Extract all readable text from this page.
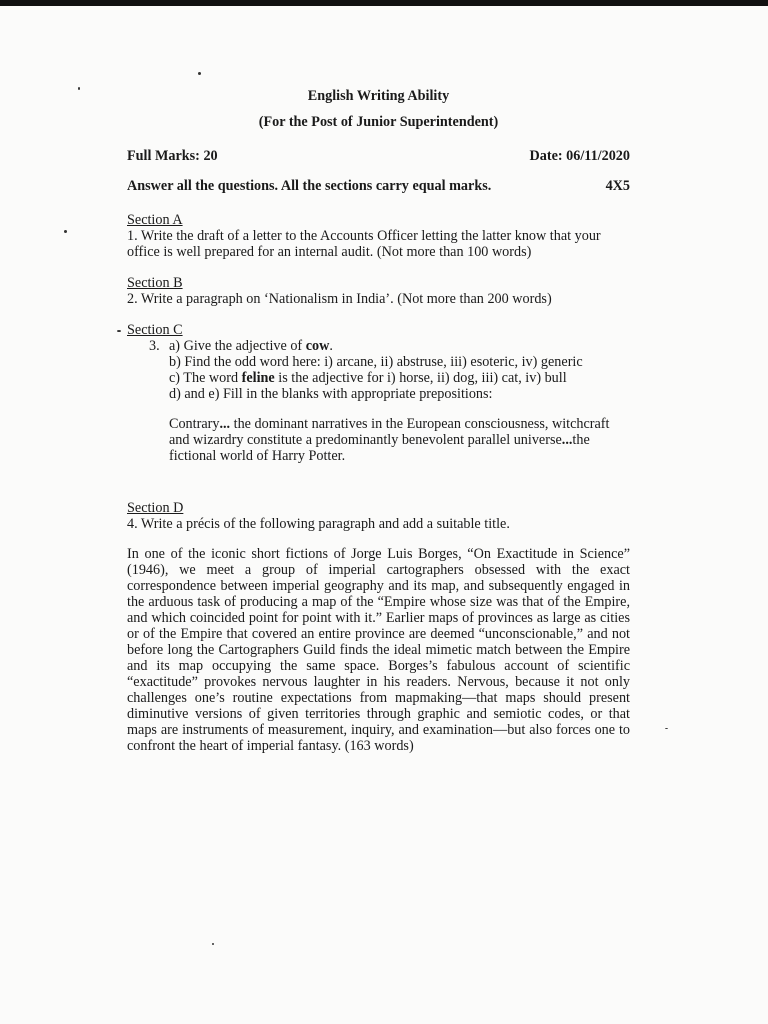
English Writing Ability
(For the Post of Junior Superintendent)
Full Marks: 20	Date: 06/11/2020
Answer all the questions. All the sections carry equal marks.	4X5
Section A
1. Write the draft of a letter to the Accounts Officer letting the latter know that your
office is well prepared for an internal audit. (Not more than 100 words)
Section B
2. Write a paragraph on ‘Nationalism in India’. (Not more than 200 words)
Section C
3. a) Give the adjective of cow.
b) Find the odd word here: i) arcane, ii) abstruse, iii) esoteric, iv) generic
c) The word feline is the adjective for i) horse, ii) dog, iii) cat, iv) bull
d) and e) Fill in the blanks with appropriate prepositions:
Contrary... the dominant narratives in the European consciousness, witchcraft
and wizardry constitute a predominantly benevolent parallel universe...the
fictional world of Harry Potter.
Section D
4. Write a précis of the following paragraph and add a suitable title.
In one of the iconic short fictions of Jorge Luis Borges, “On Exactitude in Science” (1946), we meet a group of imperial cartographers obsessed with the exact correspondence between imperial geography and its map, and subsequently engaged in the arduous task of producing a map of the “Empire whose size was that of the Empire, and which coincided point for point with it.” Earlier maps of provinces as large as cities or of the Empire that covered an entire province are deemed “unconscionable,” and not before long the Cartographers Guild finds the ideal mimetic match between the Empire and its map occupying the same space. Borges’s fabulous account of scientific “exactitude” provokes nervous laughter in his readers. Nervous, because it not only challenges one’s routine expectations from mapmaking—that maps should present diminutive versions of given territories through graphic and semiotic codes, or that maps are instruments of measurement, inquiry, and examination—but also forces one to confront the heart of imperial fantasy. (163 words)
